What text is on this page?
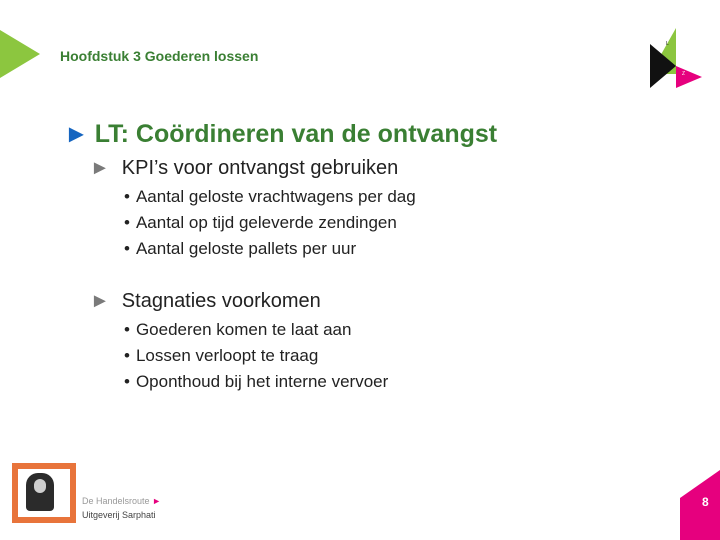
Hoofdstuk 3 Goederen lossen
L
Z
► LT: Coördineren van de ontvangst
► KPI’s voor ontvangst gebruiken
• Aantal geloste vrachtwagens per dag
• Aantal op tijd geleverde zendingen
• Aantal geloste pallets per uur
► Stagnaties voorkomen
• Goederen komen te laat aan
• Lossen verloopt te traag
• Oponthoud bij het interne vervoer
De Handelsroute ►
Uitgeverij Sarphati
8
